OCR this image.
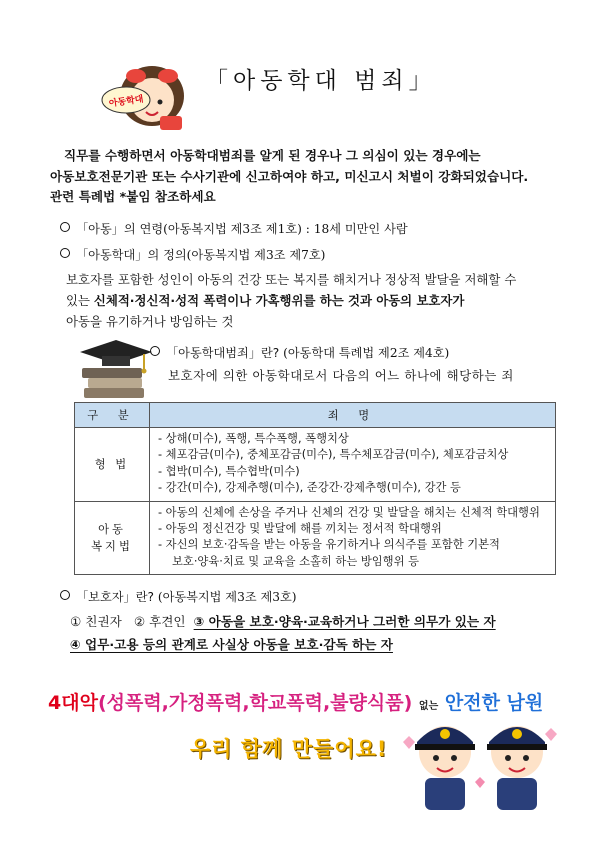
아동학대
「아동학대 범죄」

직무를 수행하면서 아동학대범죄를 알게 된 경우나 그 의심이 있는 경우에는

아동보호전문기관 또는 수사기관에 신고하여야 하고, 미신고시 처벌이 강화되었습니다.

관련 특례법 *붙임 참조하세요

「아동」의 연령(아동복지법 제3조 제1호) : 18세 미만인 사람
「아동학대」의 정의(아동복지법 제3조 제7호)
보호자를 포함한 성인이 아동의 건강 또는 복지를 해치거나 정상적 발달을 저해할 수
있는 신체적·정신적·성적 폭력이나 가혹행위를 하는 것과 아동의 보호자가
아동을 유기하거나 방임하는 것
「아동학대범죄」란? (아동학대 특례법 제2조 제4호)
보호자에 의한 아동학대로서 다음의 어느 하나에 해당하는 죄
구 분	죄 명
형 법	- 상해(미수), 폭행, 특수폭행, 폭행치상
- 체포감금(미수), 중체포감금(미수), 특수체포감금(미수), 체포감금치상
- 협박(미수), 특수협박(미수)
- 강간(미수), 강제추행(미수), 준강간·강제추행(미수), 강간 등

아동
복지법	- 아동의 신체에 손상을 주거나 신체의 건강 및 발달을 해치는 신체적 학대행위
- 아동의 정신건강 및 발달에 해를 끼치는 정서적 학대행위
- 자신의 보호·감독을 받는 아동을 유기하거나 의식주를 포함한 기본적
보호·양육·치료 및 교육을 소홀히 하는 방임행위 등
「보호자」란? (아동복지법 제3조 제3호)
① 친권자 ② 후견인 ③ 아동을 보호·양육·교육하거나 그러한 의무가 있는 자
④ 업무·고용 등의 관계로 사실상 아동을 보호·감독 하는 자
4대악(성폭력,가정폭력,학교폭력,불량식품) 없는 안전한 남원
우리 함께 만들어요!
